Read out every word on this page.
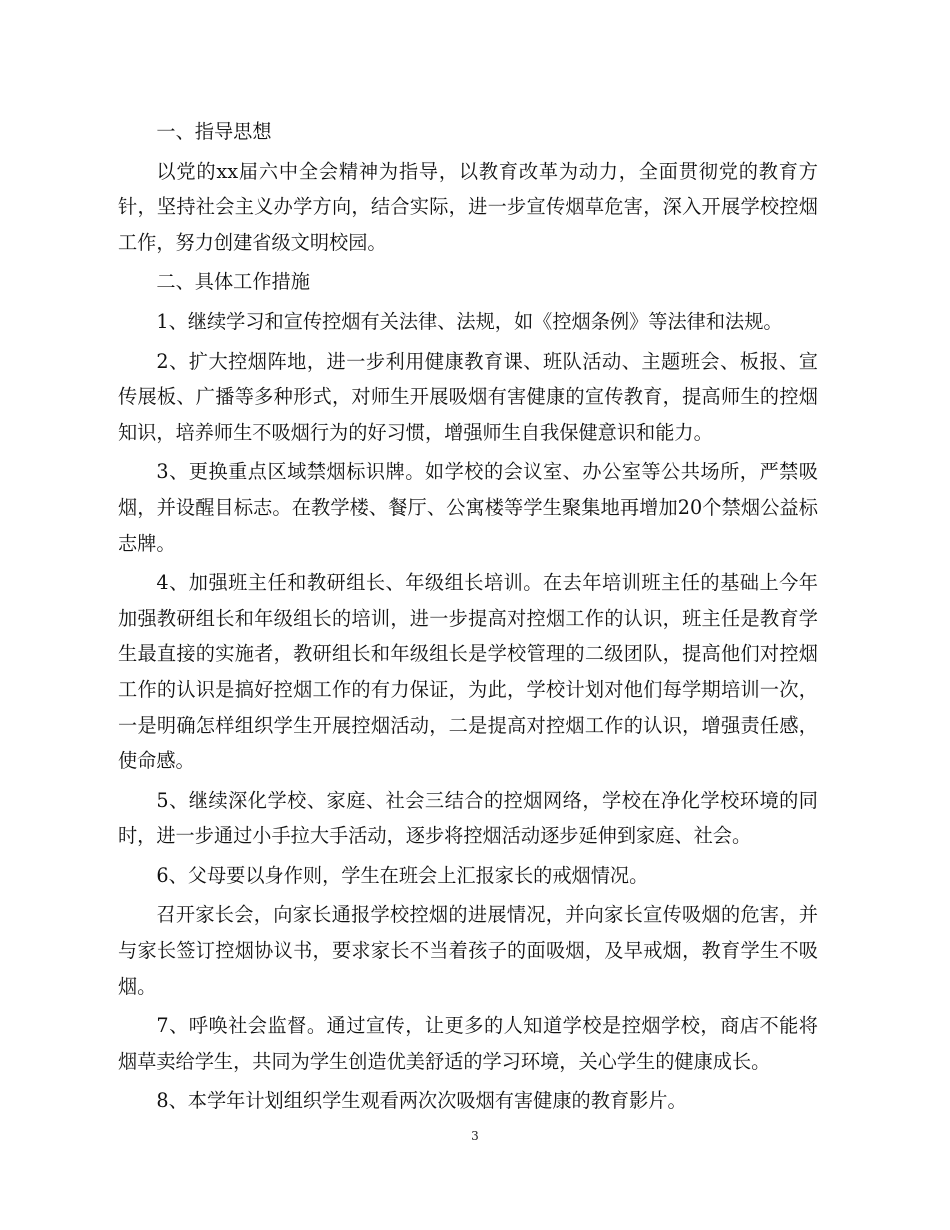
一、指导思想

以党的xx届六中全会精神为指导，以教育改革为动力，全面贯彻党的教育方针，坚持社会主义办学方向，结合实际，进一步宣传烟草危害，深入开展学校控烟工作，努力创建省级文明校园。

二、具体工作措施

1、继续学习和宣传控烟有关法律、法规，如《控烟条例》等法律和法规。

2、扩大控烟阵地，进一步利用健康教育课、班队活动、主题班会、板报、宣传展板、广播等多种形式，对师生开展吸烟有害健康的宣传教育，提高师生的控烟知识，培养师生不吸烟行为的好习惯，增强师生自我保健意识和能力。

3、更换重点区域禁烟标识牌。如学校的会议室、办公室等公共场所，严禁吸烟，并设醒目标志。在教学楼、餐厅、公寓楼等学生聚集地再增加20个禁烟公益标志牌。

4、加强班主任和教研组长、年级组长培训。在去年培训班主任的基础上今年加强教研组长和年级组长的培训，进一步提高对控烟工作的认识，班主任是教育学生最直接的实施者，教研组长和年级组长是学校管理的二级团队，提高他们对控烟工作的认识是搞好控烟工作的有力保证，为此，学校计划对他们每学期培训一次，一是明确怎样组织学生开展控烟活动，二是提高对控烟工作的认识，增强责任感，使命感。

5、继续深化学校、家庭、社会三结合的控烟网络，学校在净化学校环境的同时，进一步通过小手拉大手活动，逐步将控烟活动逐步延伸到家庭、社会。

6、父母要以身作则，学生在班会上汇报家长的戒烟情况。

召开家长会，向家长通报学校控烟的进展情况，并向家长宣传吸烟的危害，并与家长签订控烟协议书，要求家长不当着孩子的面吸烟，及早戒烟，教育学生不吸烟。

7、呼唤社会监督。通过宣传，让更多的人知道学校是控烟学校，商店不能将烟草卖给学生，共同为学生创造优美舒适的学习环境，关心学生的健康成长。

8、本学年计划组织学生观看两次次吸烟有害健康的教育影片。

3
